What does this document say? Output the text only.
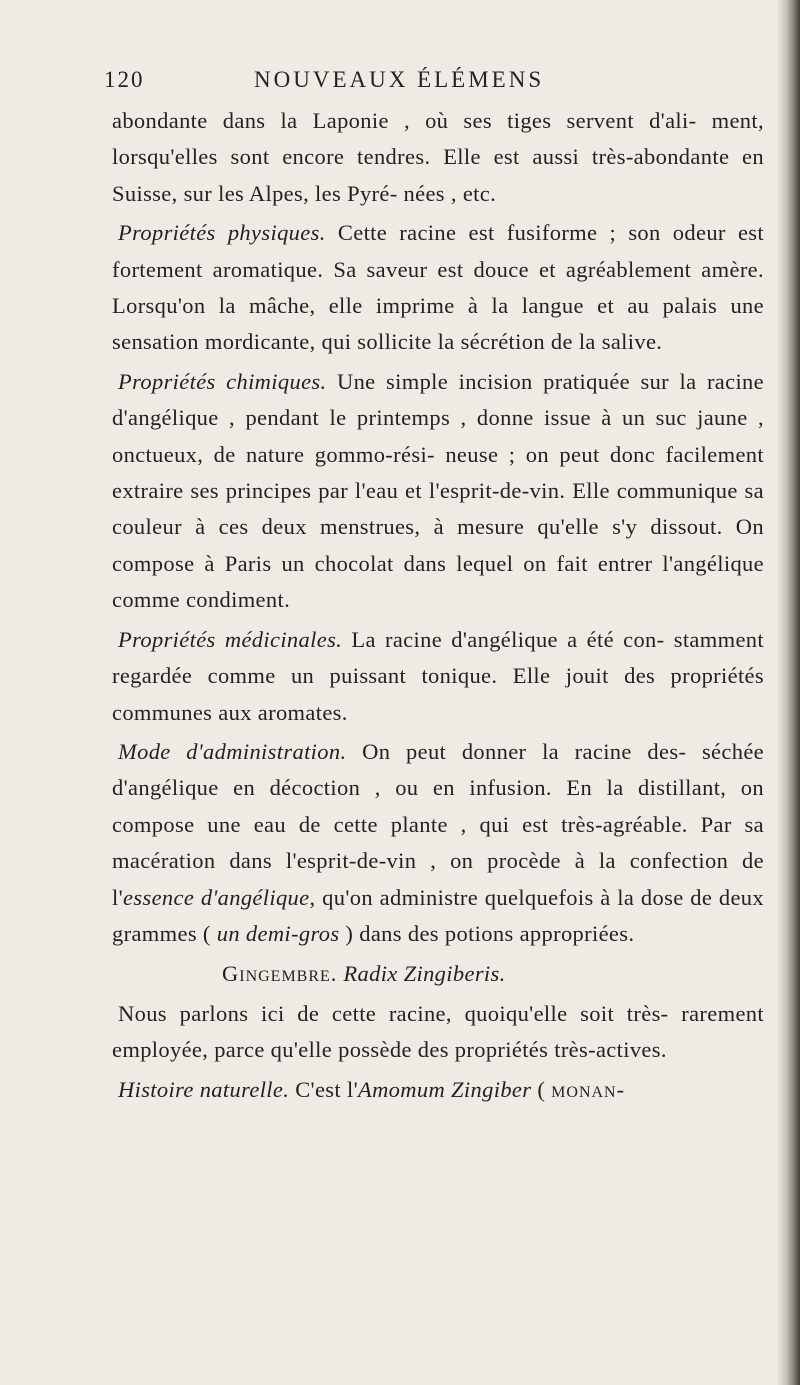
120	NOUVEAUX ÉLÉMENS

abondante dans la Laponie , où ses tiges servent d'ali- ment, lorsqu'elles sont encore tendres. Elle est aussi très-abondante en Suisse, sur les Alpes, les Pyré- nées , etc.

Propriétés physiques. Cette racine est fusiforme ; son odeur est fortement aromatique. Sa saveur est douce et agréablement amère. Lorsqu'on la mâche, elle imprime à la langue et au palais une sensation mordicante, qui sollicite la sécrétion de la salive.

Propriétés chimiques. Une simple incision pratiquée sur la racine d'angélique , pendant le printemps , donne issue à un suc jaune , onctueux, de nature gommo-rési- neuse ; on peut donc facilement extraire ses principes par l'eau et l'esprit-de-vin. Elle communique sa couleur à ces deux menstrues, à mesure qu'elle s'y dissout. On compose à Paris un chocolat dans lequel on fait entrer l'angélique comme condiment.

Propriétés médicinales. La racine d'angélique a été con- stamment regardée comme un puissant tonique. Elle jouit des propriétés communes aux aromates.

Mode d'administration. On peut donner la racine des- séchée d'angélique en décoction , ou en infusion. En la distillant, on compose une eau de cette plante , qui est très-agréable. Par sa macération dans l'esprit-de-vin , on procède à la confection de l'essence d'angélique, qu'on administre quelquefois à la dose de deux grammes ( un demi-gros ) dans des potions appropriées.

Gingembre. Radix Zingiberis.

Nous parlons ici de cette racine, quoiqu'elle soit très- rarement employée, parce qu'elle possède des propriétés très-actives.

Histoire naturelle. C'est l'Amomum Zingiber ( monan-
